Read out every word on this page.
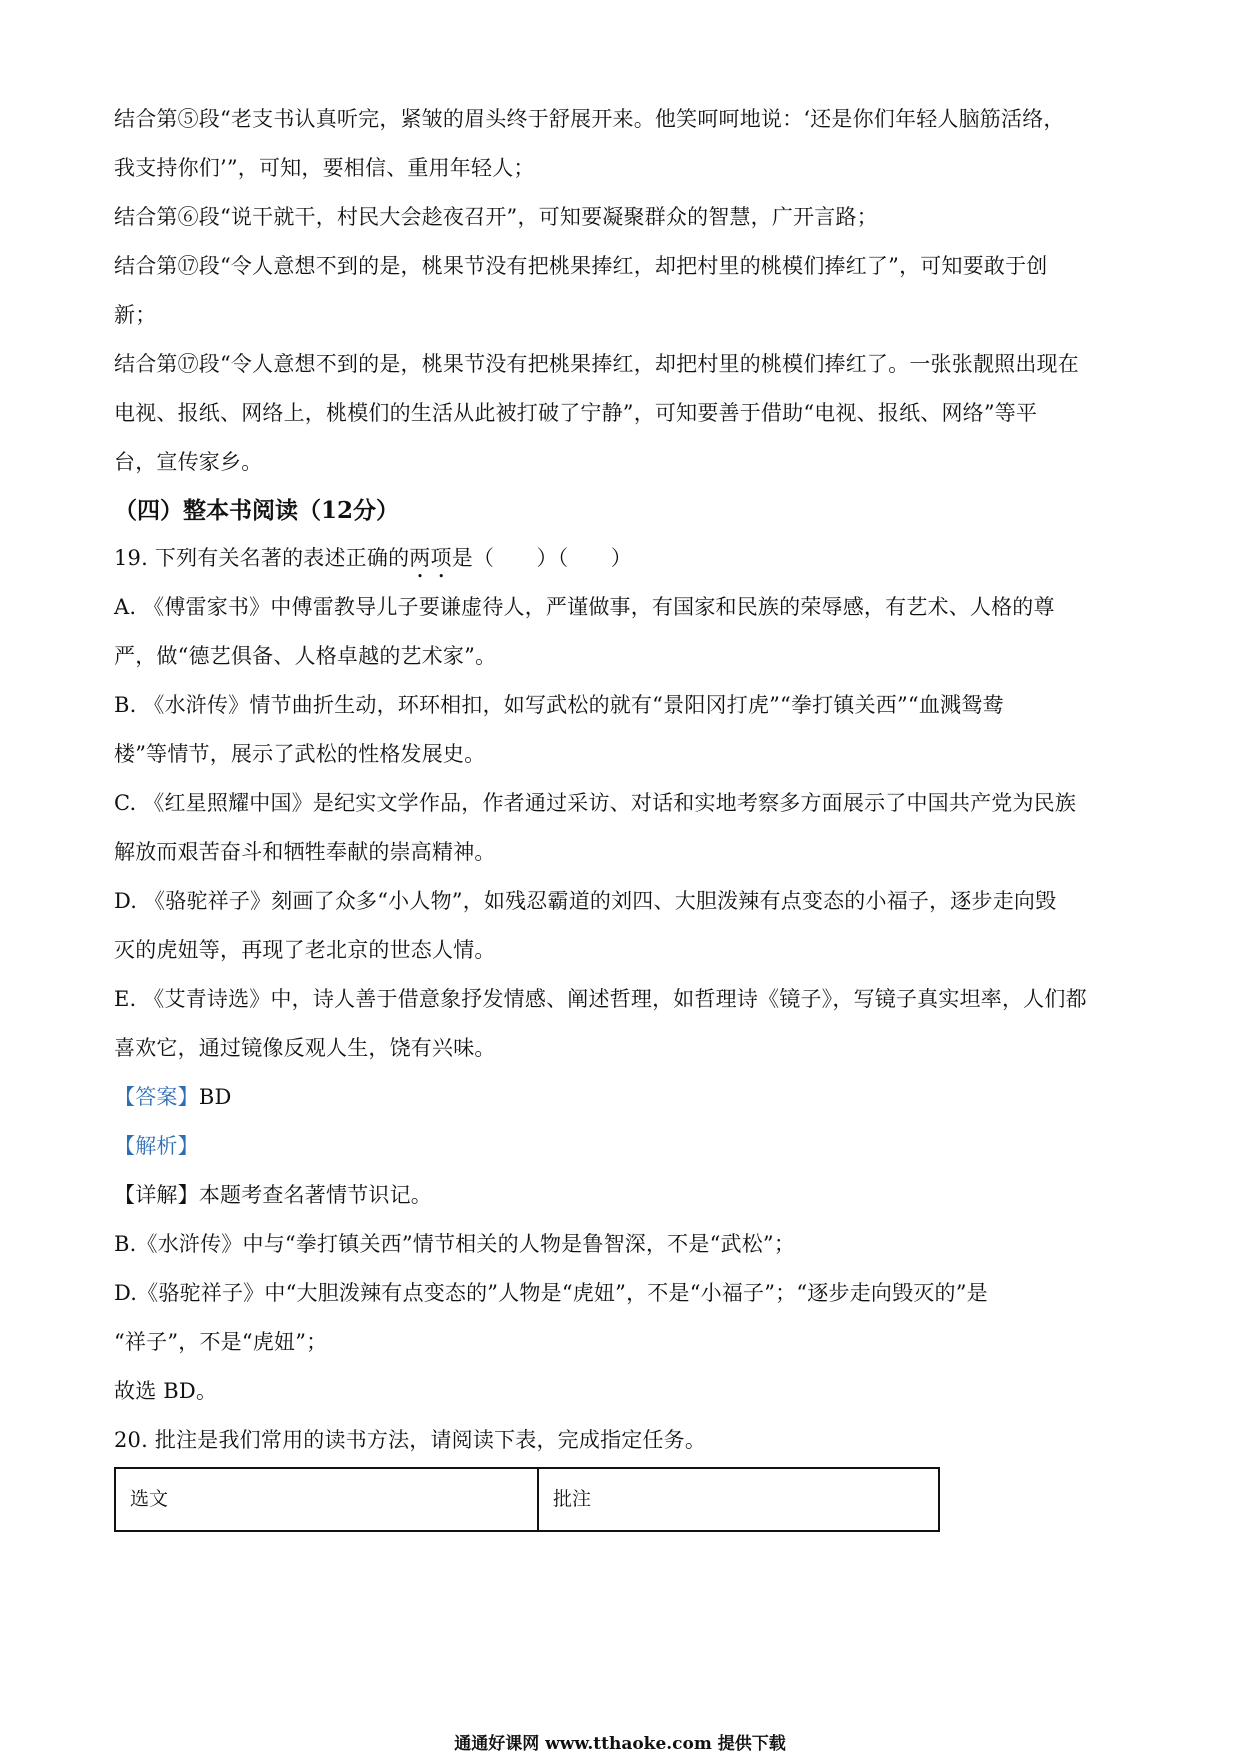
结合第⑤段“老支书认真听完，紧皱的眉头终于舒展开来。他笑呵呵地说：‘还是你们年轻人脑筋活络，
我支持你们’”，可知，要相信、重用年轻人；
结合第⑥段“说干就干，村民大会趁夜召开”，可知要凝聚群众的智慧，广开言路；
结合第⑰段“令人意想不到的是，桃果节没有把桃果捧红，却把村里的桃模们捧红了”，可知要敢于创
新；
结合第⑰段“令人意想不到的是，桃果节没有把桃果捧红，却把村里的桃模们捧红了。一张张靓照出现在
电视、报纸、网络上，桃模们的生活从此被打破了宁静”，可知要善于借助“电视、报纸、网络”等平
台，宣传家乡。
（四）整本书阅读（12分）
19. 下列有关名著的表述正确的两项是（　　）（　　）
A. 《傅雷家书》中傅雷教导儿子要谦虚待人，严谨做事，有国家和民族的荣辱感，有艺术、人格的尊
严，做“德艺俱备、人格卓越的艺术家”。
B. 《水浒传》情节曲折生动，环环相扣，如写武松的就有“景阳冈打虎”“拳打镇关西”“血溅鸳鸯
楼”等情节，展示了武松的性格发展史。
C. 《红星照耀中国》是纪实文学作品，作者通过采访、对话和实地考察多方面展示了中国共产党为民族
解放而艰苦奋斗和牺牲奉献的崇高精神。
D. 《骆驼祥子》刻画了众多“小人物”，如残忍霸道的刘四、大胆泼辣有点变态的小福子，逐步走向毁
灭的虎妞等，再现了老北京的世态人情。
E. 《艾青诗选》中，诗人善于借意象抒发情感、阐述哲理，如哲理诗《镜子》，写镜子真实坦率，人们都
喜欢它，通过镜像反观人生，饶有兴味。
【答案】BD
【解析】
【详解】本题考查名著情节识记。
B.《水浒传》中与“拳打镇关西”情节相关的人物是鲁智深，不是“武松”；
D.《骆驼祥子》中“大胆泼辣有点变态的”人物是“虎妞”，不是“小福子”；“逐步走向毁灭的”是
“祥子”，不是“虎妞”；
故选 BD。
20. 批注是我们常用的读书方法，请阅读下表，完成指定任务。
选文	批注
通通好课网 www.tthaoke.com 提供下载
